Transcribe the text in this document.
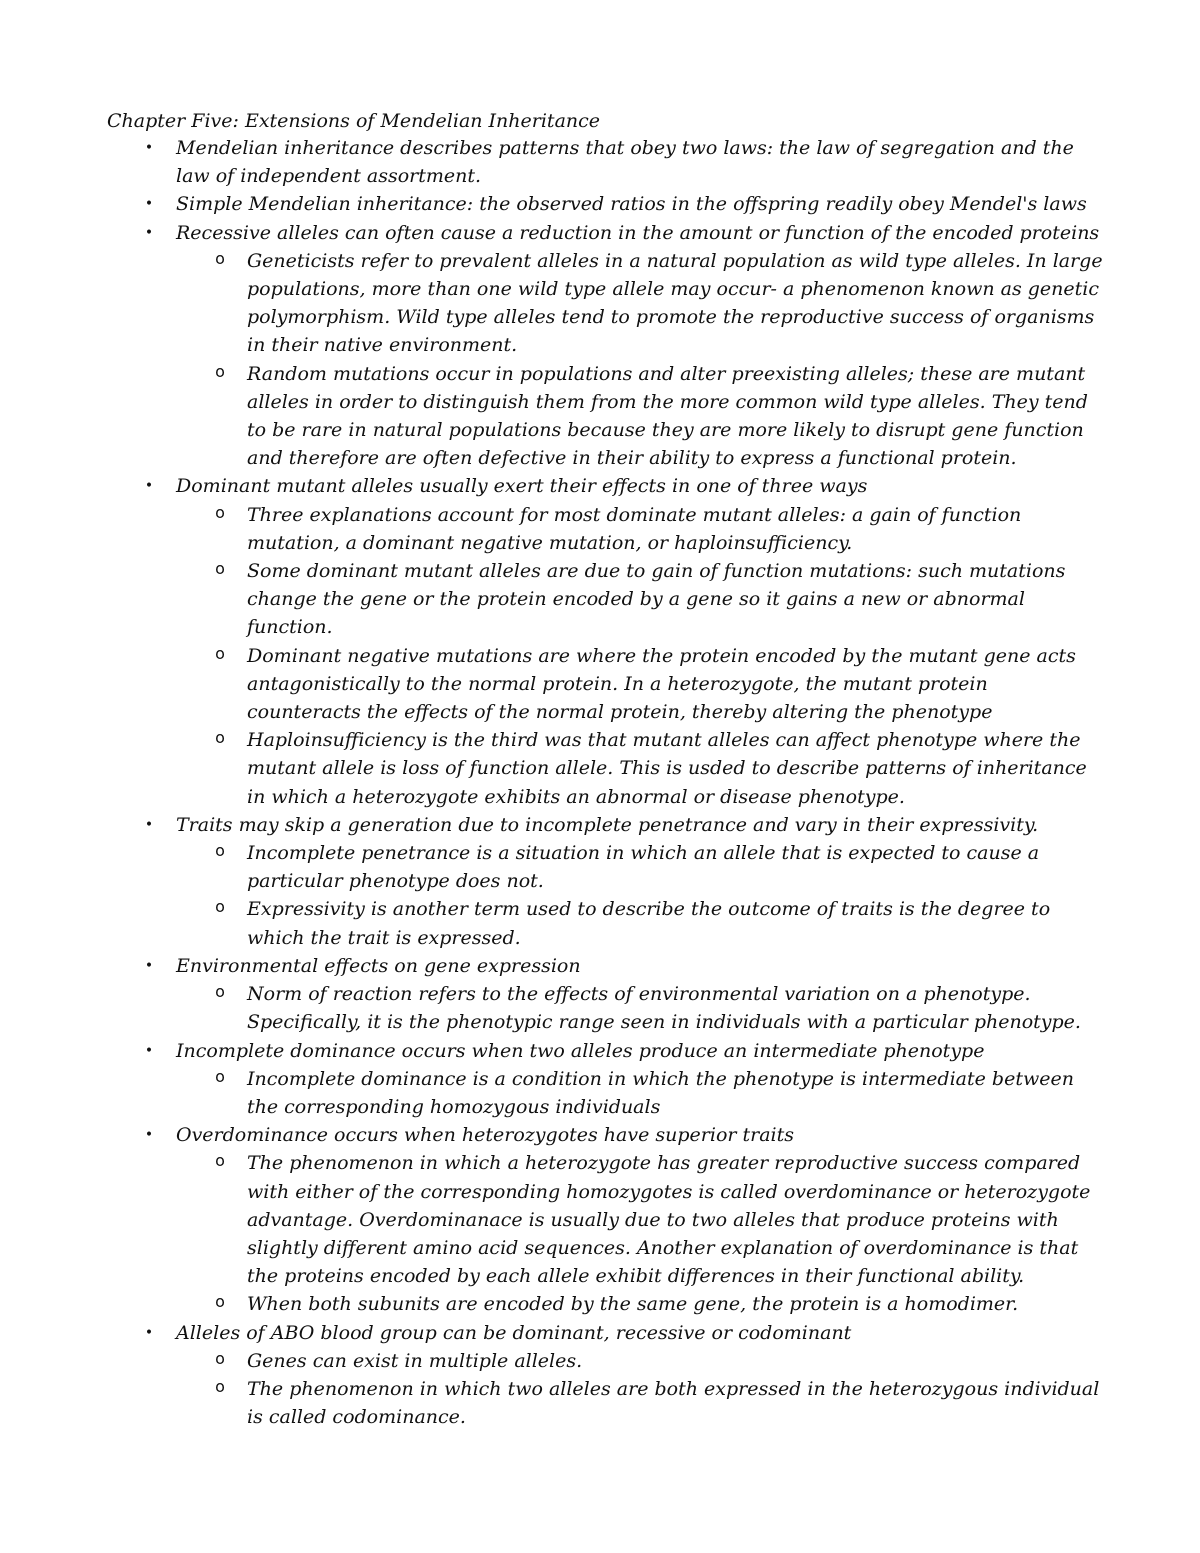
Chapter Five: Extensions of Mendelian Inheritance
• Mendelian inheritance describes patterns that obey two laws: the law of segregation and the law of independent assortment.
• Simple Mendelian inheritance: the observed ratios in the offspring readily obey Mendel's laws
• Recessive alleles can often cause a reduction in the amount or function of the encoded proteins
o Geneticists refer to prevalent alleles in a natural population as wild type alleles. In large populations, more than one wild type allele may occur- a phenomenon known as genetic polymorphism. Wild type alleles tend to promote the reproductive success of organisms in their native environment.
o Random mutations occur in populations and alter preexisting alleles; these are mutant alleles in order to distinguish them from the more common wild type alleles. They tend to be rare in natural populations because they are more likely to disrupt gene function and therefore are often defective in their ability to express a functional protein.
• Dominant mutant alleles usually exert their effects in one of three ways
o Three explanations account for most dominate mutant alleles: a gain of function mutation, a dominant negative mutation, or haploinsufficiency.
o Some dominant mutant alleles are due to gain of function mutations: such mutations change the gene or the protein encoded by a gene so it gains a new or abnormal function.
o Dominant negative mutations are where the protein encoded by the mutant gene acts antagonistically to the normal protein. In a heterozygote, the mutant protein counteracts the effects of the normal protein, thereby altering the phenotype
o Haploinsufficiency is the third was that mutant alleles can affect phenotype where the mutant allele is loss of function allele. This is usded to describe patterns of inheritance in which a heterozygote exhibits an abnormal or disease phenotype.
• Traits may skip a generation due to incomplete penetrance and vary in their expressivity.
o Incomplete penetrance is a situation in which an allele that is expected to cause a particular phenotype does not.
o Expressivity is another term used to describe the outcome of traits is the degree to which the trait is expressed.
• Environmental effects on gene expression
o Norm of reaction refers to the effects of environmental variation on a phenotype. Specifically, it is the phenotypic range seen in individuals with a particular phenotype.
• Incomplete dominance occurs when two alleles produce an intermediate phenotype
o Incomplete dominance is a condition in which the phenotype is intermediate between the corresponding homozygous individuals
• Overdominance occurs when heterozygotes have superior traits
o The phenomenon in which a heterozygote has greater reproductive success compared with either of the corresponding homozygotes is called overdominance or heterozygote advantage. Overdominanace is usually due to two alleles that produce proteins with slightly different amino acid sequences. Another explanation of overdominance is that the proteins encoded by each allele exhibit differences in their functional ability.
o When both subunits are encoded by the same gene, the protein is a homodimer.
• Alleles of ABO blood group can be dominant, recessive or codominant
o Genes can exist in multiple alleles.
o The phenomenon in which two alleles are both expressed in the heterozygous individual is called codominance.
